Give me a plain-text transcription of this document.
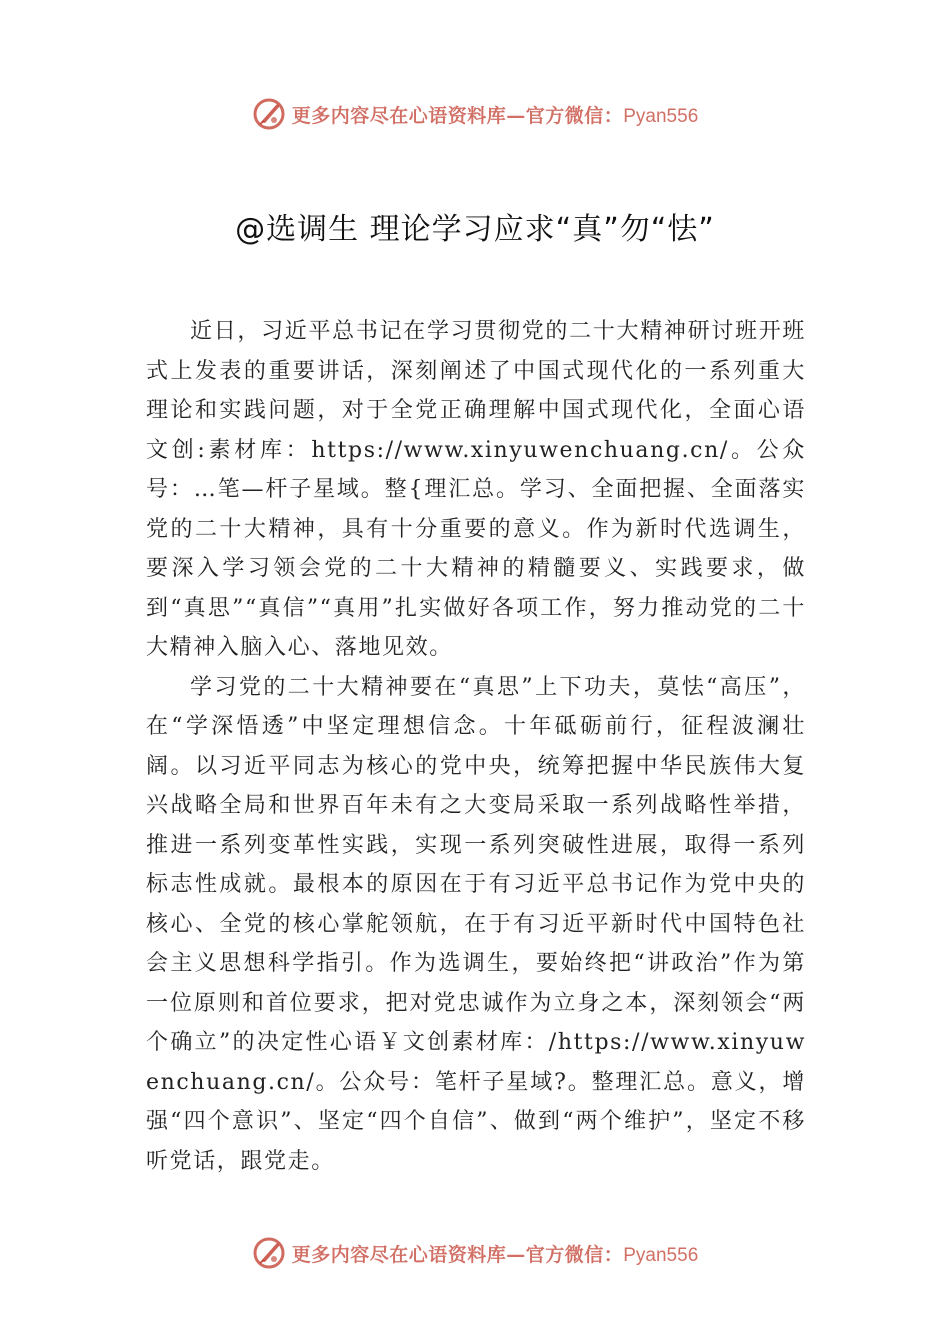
更多内容尽在心语资料库—官方微信：Pyan556
@选调生 理论学习应求“真”勿“怯”

近日，习近平总书记在学习贯彻党的二十大精神研讨班开班式上发表的重要讲话，深刻阐述了中国式现代化的一系列重大理论和实践问题，对于全党正确理解中国式现代化，全面心语文创:素材库：https://www.xinyuwenchuang.cn/。公众号：…笔—杆子星域。整{理汇总。学习、全面把握、全面落实党的二十大精神，具有十分重要的意义。作为新时代选调生，要深入学习领会党的二十大精神的精髓要义、实践要求，做到“真思”“真信”“真用”扎实做好各项工作，努力推动党的二十大精神入脑入心、落地见效。

学习党的二十大精神要在“真思”上下功夫，莫怯“高压”，在“学深悟透”中坚定理想信念。十年砥砺前行，征程波澜壮阔。以习近平同志为核心的党中央，统筹把握中华民族伟大复兴战略全局和世界百年未有之大变局采取一系列战略性举措，推进一系列变革性实践，实现一系列突破性进展，取得一系列标志性成就。最根本的原因在于有习近平总书记作为党中央的核心、全党的核心掌舵领航，在于有习近平新时代中国特色社会主义思想科学指引。作为选调生，要始终把“讲政治”作为第一位原则和首位要求，把对党忠诚作为立身之本，深刻领会“两个确立”的决定性心语￥文创素材库：/https://www.xinyuwenchuang.cn/。公众号：笔杆子星域?。整理汇总。意义，增强“四个意识”、坚定“四个自信”、做到“两个维护”，坚定不移听党话，跟党走。

更多内容尽在心语资料库—官方微信：Pyan556
